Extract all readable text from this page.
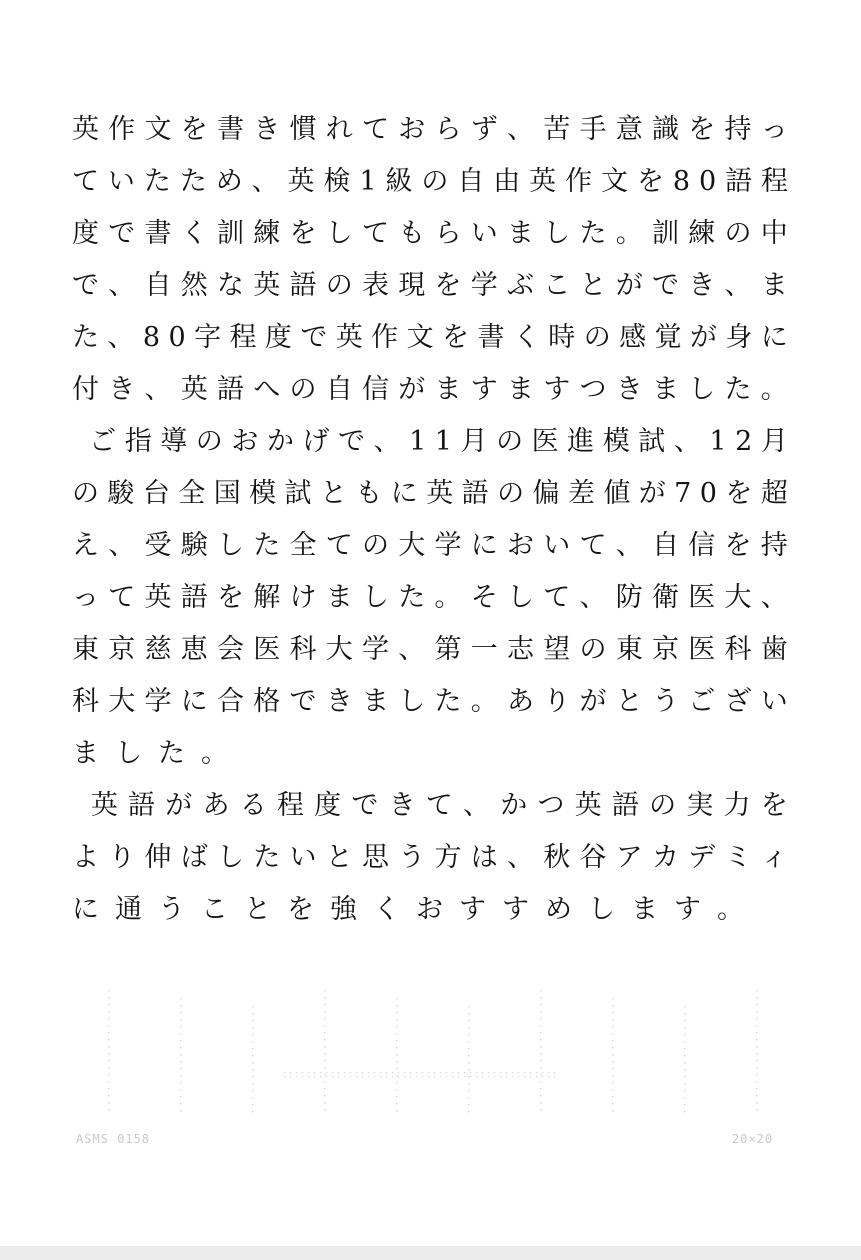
英 作 文 を 書 き 慣 れ て お ら ず 、 苦 手 意 識 を 持 っ
て い た た め 、 英 検 1 級 の 自 由 英 作 文 を 8 0 語 程
度 で 書 く 訓 練 を し て も ら い ま し た 。 訓 練 の 中
で 、 自 然 な 英 語 の 表 現 を 学 ぶ こ と が で き 、 ま
た 、 8 0 字 程 度 で 英 作 文 を 書 く 時 の 感 覚 が 身 に
付 き 、 英 語 へ の 自 信 が ま す ま す つ き ま し た 。

ご 指 導 の お か げ で 、 1 1 月 の 医 進 模 試 、 1 2 月
の 駿 台 全 国 模 試 と も に 英 語 の 偏 差 値 が 7 0 を 超
え 、 受 験 し た 全 て の 大 学 に お い て 、 自 信 を 持
っ て 英 語 を 解 け ま し た 。 そ し て 、 防 衛 医 大 、
東 京 慈 恵 会 医 科 大 学 、 第 一 志 望 の 東 京 医 科 歯
科 大 学 に 合 格 で き ま し た 。 あ り が と う ご ざ い
ま し た 。

英 語 が あ る 程 度 で き て 、 か つ 英 語 の 実 力 を
よ り 伸 ば し た い と 思 う 方 は 、 秋 谷 ア カ デ ミ ィ
に 通 う こ と を 強 く お す す め し ま す 。
ASMS 0158	20×20
